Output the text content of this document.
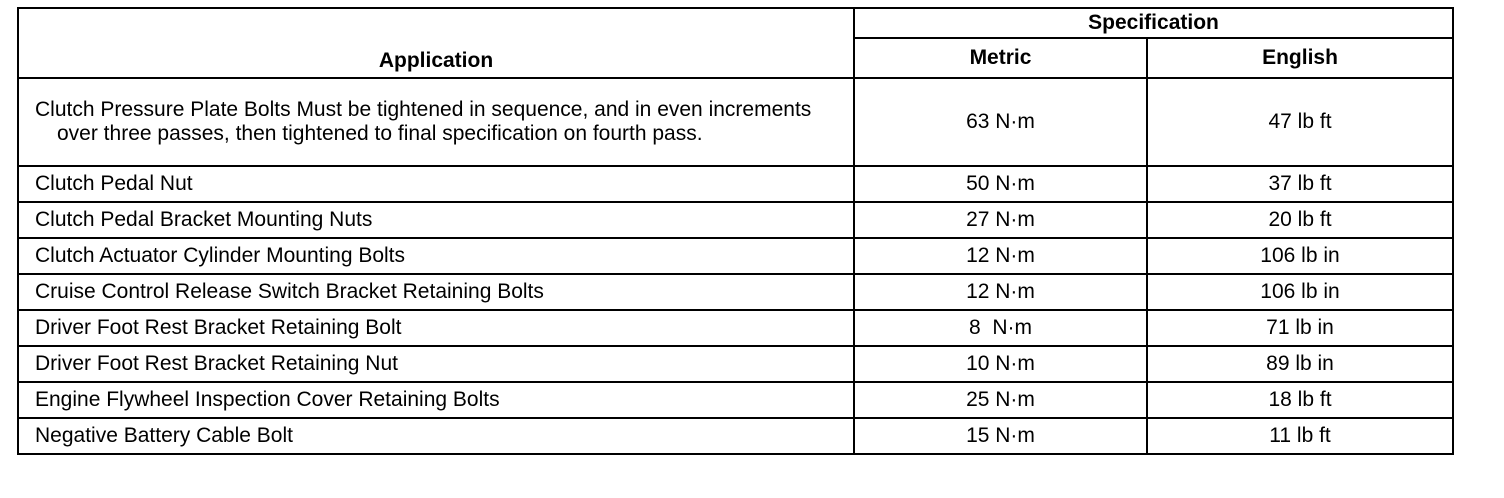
Application	Specification	
	Metric	English

Clutch Pressure Plate Bolts Must be tightened in sequence, and in even increments over three passes, then tightened to final specification on fourth pass.	63 N·m	47 lb ft
Clutch Pedal Nut	50 N·m	37 lb ft
Clutch Pedal Bracket Mounting Nuts	27 N·m	20 lb ft
Clutch Actuator Cylinder Mounting Bolts	12 N·m	106 lb in
Cruise Control Release Switch Bracket Retaining Bolts	12 N·m	106 lb in
Driver Foot Rest Bracket Retaining Bolt	8  N·m	71 lb in
Driver Foot Rest Bracket Retaining Nut	10 N·m	89 lb in
Engine Flywheel Inspection Cover Retaining Bolts	25 N·m	18 lb ft
Negative Battery Cable Bolt	15 N·m	11 lb ft
